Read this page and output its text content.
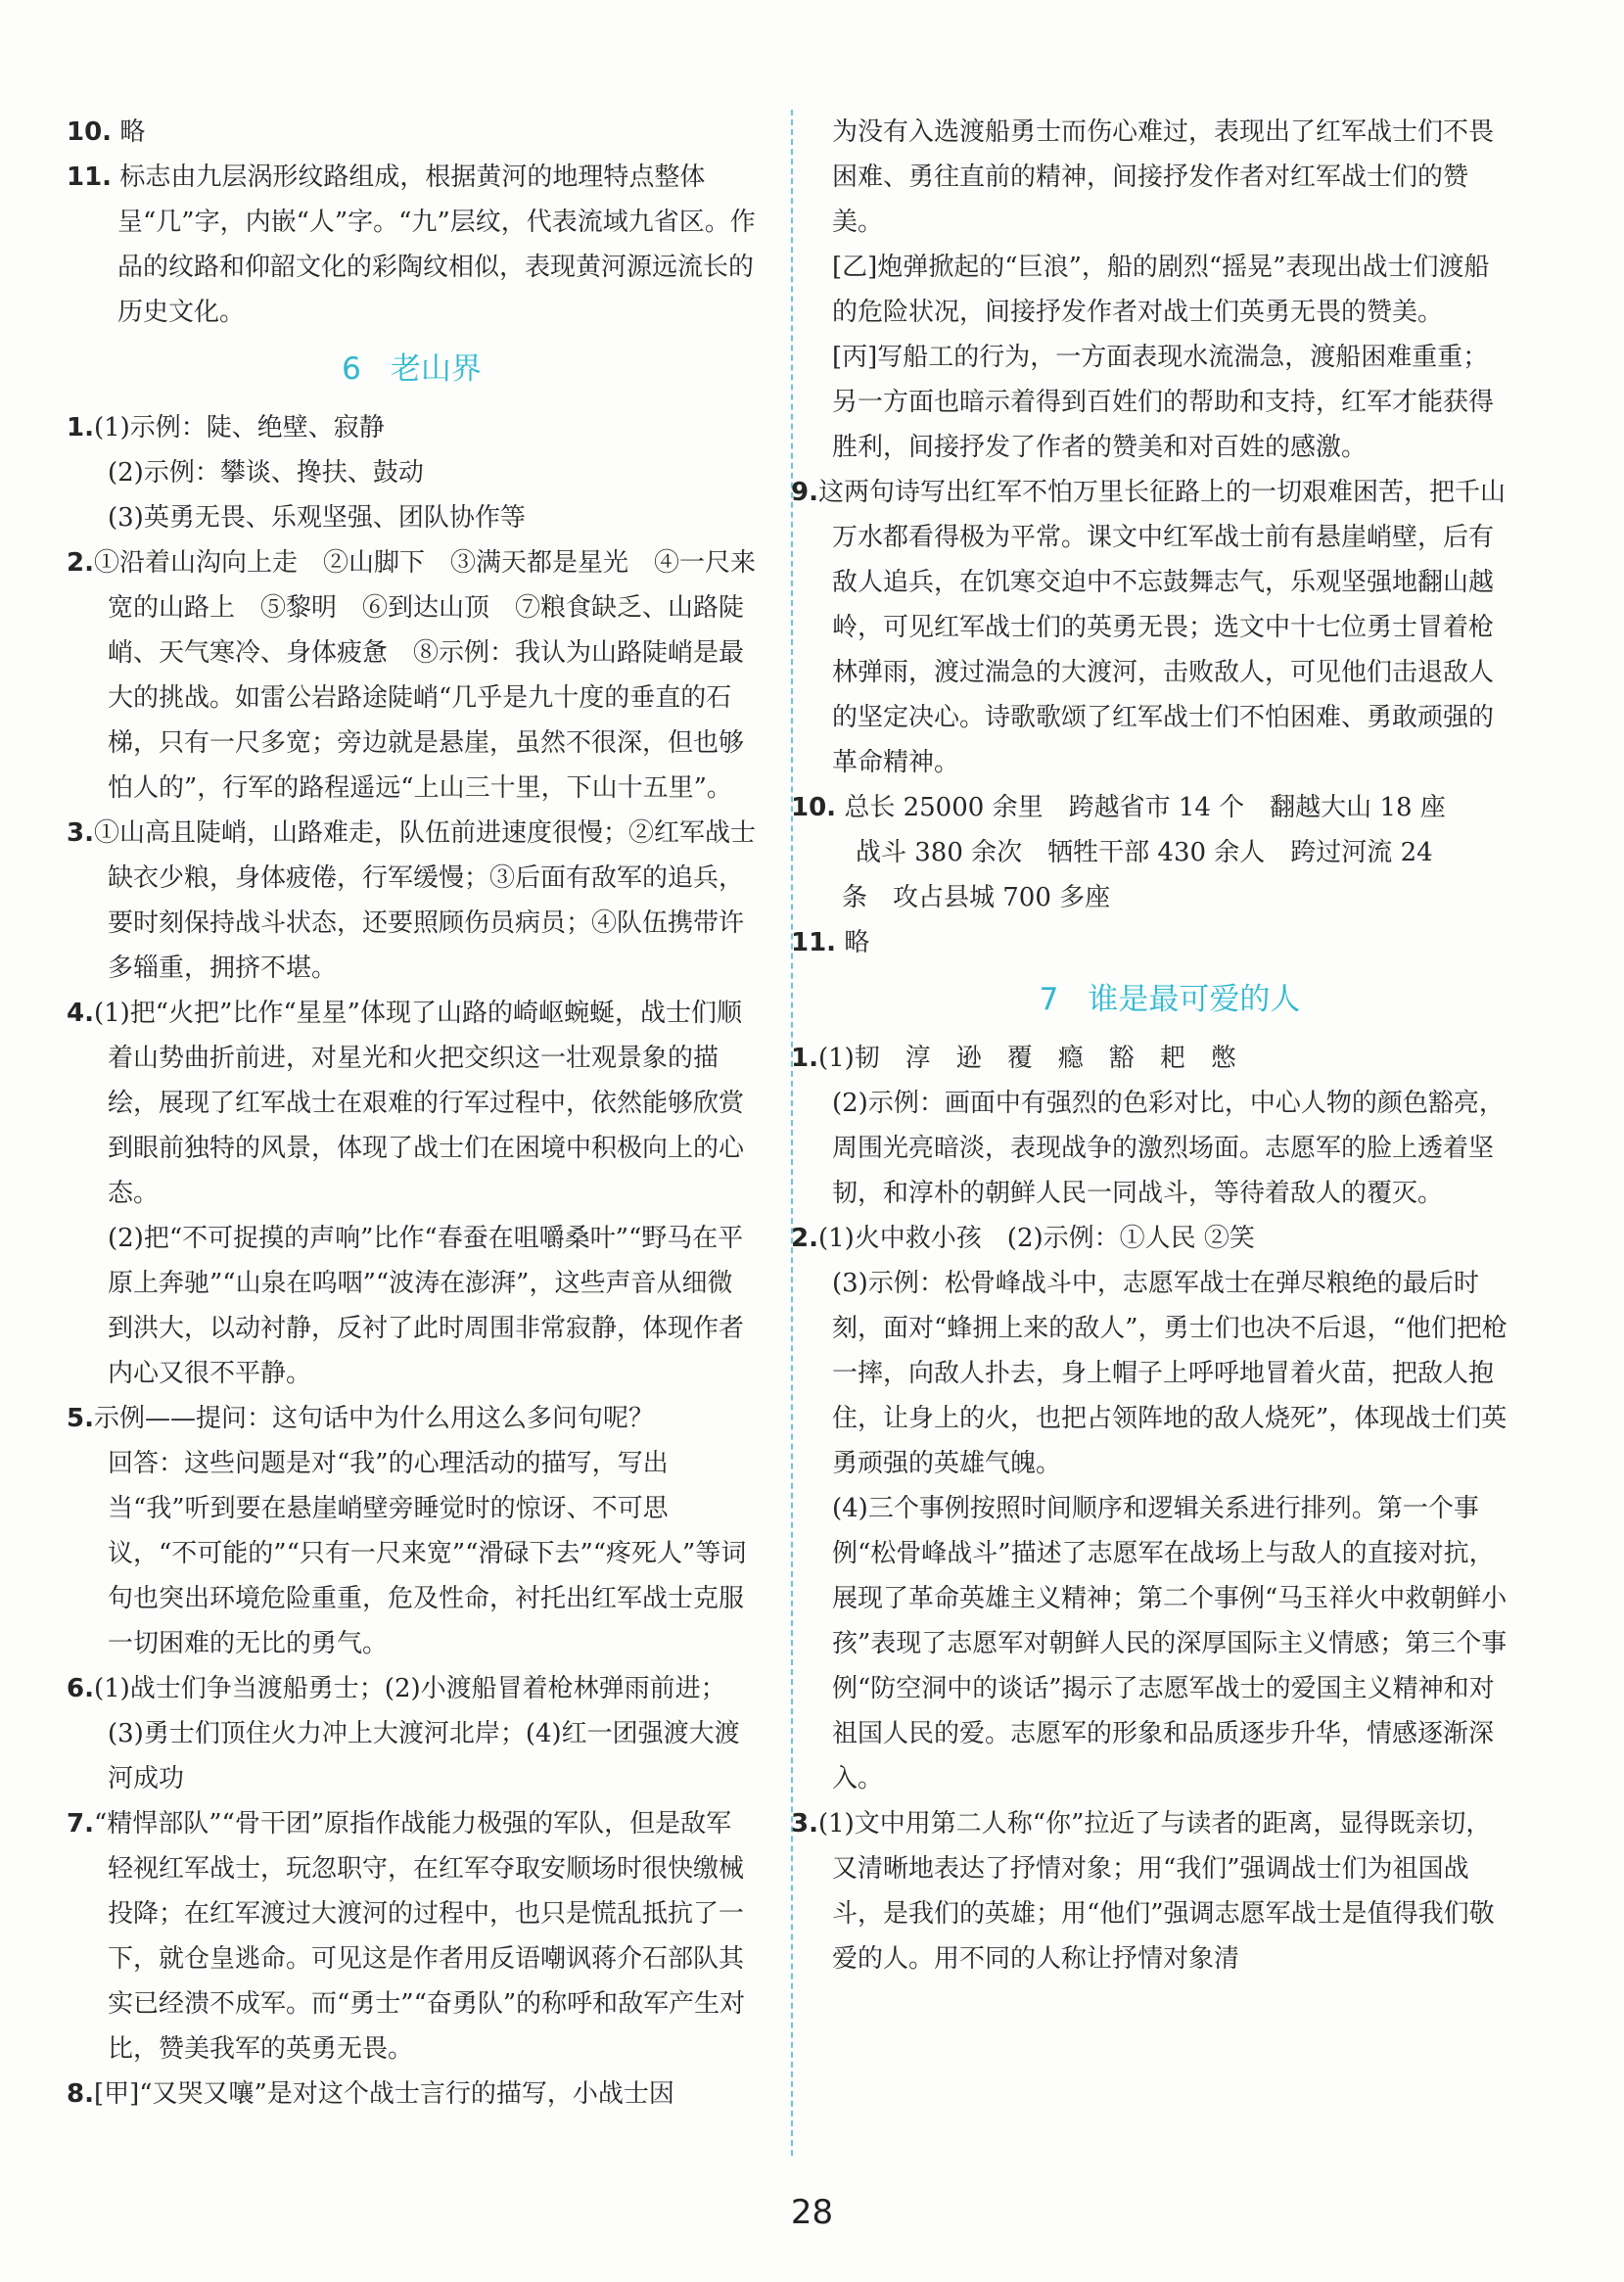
10. 略

11. 标志由九层涡形纹路组成，根据黄河的地理特点整体呈“几”字，内嵌“人”字。“九”层纹，代表流域九省区。作品的纹路和仰韶文化的彩陶纹相似，表现黄河源远流长的历史文化。

6 老山界

1.(1)示例：陡、绝壁、寂静

(2)示例：攀谈、搀扶、鼓动

(3)英勇无畏、乐观坚强、团队协作等

2.①沿着山沟向上走　②山脚下　③满天都是星光　④一尺来宽的山路上　⑤黎明　⑥到达山顶　⑦粮食缺乏、山路陡峭、天气寒冷、身体疲惫　⑧示例：我认为山路陡峭是最大的挑战。如雷公岩路途陡峭“几乎是九十度的垂直的石梯，只有一尺多宽；旁边就是悬崖，虽然不很深，但也够怕人的”，行军的路程遥远“上山三十里，下山十五里”。

3.①山高且陡峭，山路难走，队伍前进速度很慢；②红军战士缺衣少粮，身体疲倦，行军缓慢；③后面有敌军的追兵，要时刻保持战斗状态，还要照顾伤员病员；④队伍携带许多辎重，拥挤不堪。

4.(1)把“火把”比作“星星”体现了山路的崎岖蜿蜒，战士们顺着山势曲折前进，对星光和火把交织这一壮观景象的描绘，展现了红军战士在艰难的行军过程中，依然能够欣赏到眼前独特的风景，体现了战士们在困境中积极向上的心态。

(2)把“不可捉摸的声响”比作“春蚕在咀嚼桑叶”“野马在平原上奔驰”“山泉在呜咽”“波涛在澎湃”，这些声音从细微到洪大，以动衬静，反衬了此时周围非常寂静，体现作者内心又很不平静。

5.示例——提问：这句话中为什么用这么多问句呢？

回答：这些问题是对“我”的心理活动的描写，写出当“我”听到要在悬崖峭壁旁睡觉时的惊讶、不可思议，“不可能的”“只有一尺来宽”“滑碌下去”“疼死人”等词句也突出环境危险重重，危及性命，衬托出红军战士克服一切困难的无比的勇气。

6.(1)战士们争当渡船勇士；(2)小渡船冒着枪林弹雨前进；(3)勇士们顶住火力冲上大渡河北岸；(4)红一团强渡大渡河成功

7.“精悍部队”“骨干团”原指作战能力极强的军队，但是敌军轻视红军战士，玩忽职守，在红军夺取安顺场时很快缴械投降；在红军渡过大渡河的过程中，也只是慌乱抵抗了一下，就仓皇逃命。可见这是作者用反语嘲讽蒋介石部队其实已经溃不成军。而“勇士”“奋勇队”的称呼和敌军产生对比，赞美我军的英勇无畏。

8.[甲]“又哭又嚷”是对这个战士言行的描写，小战士因

为没有入选渡船勇士而伤心难过，表现出了红军战士们不畏困难、勇往直前的精神，间接抒发作者对红军战士们的赞美。

[乙]炮弹掀起的“巨浪”，船的剧烈“摇晃”表现出战士们渡船的危险状况，间接抒发作者对战士们英勇无畏的赞美。

[丙]写船工的行为，一方面表现水流湍急，渡船困难重重；另一方面也暗示着得到百姓们的帮助和支持，红军才能获得胜利，间接抒发了作者的赞美和对百姓的感激。

9.这两句诗写出红军不怕万里长征路上的一切艰难困苦，把千山万水都看得极为平常。课文中红军战士前有悬崖峭壁，后有敌人追兵，在饥寒交迫中不忘鼓舞志气，乐观坚强地翻山越岭，可见红军战士们的英勇无畏；选文中十七位勇士冒着枪林弹雨，渡过湍急的大渡河，击败敌人，可见他们击退敌人的坚定决心。诗歌歌颂了红军战士们不怕困难、勇敢顽强的革命精神。

10. 总长 25000 余里　跨越省市 14 个　翻越大山 18 座

战斗 380 余次　牺牲干部 430 余人　跨过河流 24

条　攻占县城 700 多座

11. 略

7 谁是最可爱的人

1.(1)韧　淳　逊　覆　瘾　豁　耙　憋

(2)示例：画面中有强烈的色彩对比，中心人物的颜色豁亮，周围光亮暗淡，表现战争的激烈场面。志愿军的脸上透着坚韧，和淳朴的朝鲜人民一同战斗，等待着敌人的覆灭。

2.(1)火中救小孩　(2)示例：①人民 ②笑

(3)示例：松骨峰战斗中，志愿军战士在弹尽粮绝的最后时刻，面对“蜂拥上来的敌人”，勇士们也决不后退，“他们把枪一摔，向敌人扑去，身上帽子上呼呼地冒着火苗，把敌人抱住，让身上的火，也把占领阵地的敌人烧死”，体现战士们英勇顽强的英雄气魄。

(4)三个事例按照时间顺序和逻辑关系进行排列。第一个事例“松骨峰战斗”描述了志愿军在战场上与敌人的直接对抗，展现了革命英雄主义精神；第二个事例“马玉祥火中救朝鲜小孩”表现了志愿军对朝鲜人民的深厚国际主义情感；第三个事例“防空洞中的谈话”揭示了志愿军战士的爱国主义精神和对祖国人民的爱。志愿军的形象和品质逐步升华，情感逐渐深入。

3.(1)文中用第二人称“你”拉近了与读者的距离，显得既亲切，又清晰地表达了抒情对象；用“我们”强调战士们为祖国战斗，是我们的英雄；用“他们”强调志愿军战士是值得我们敬爱的人。用不同的人称让抒情对象清

28
